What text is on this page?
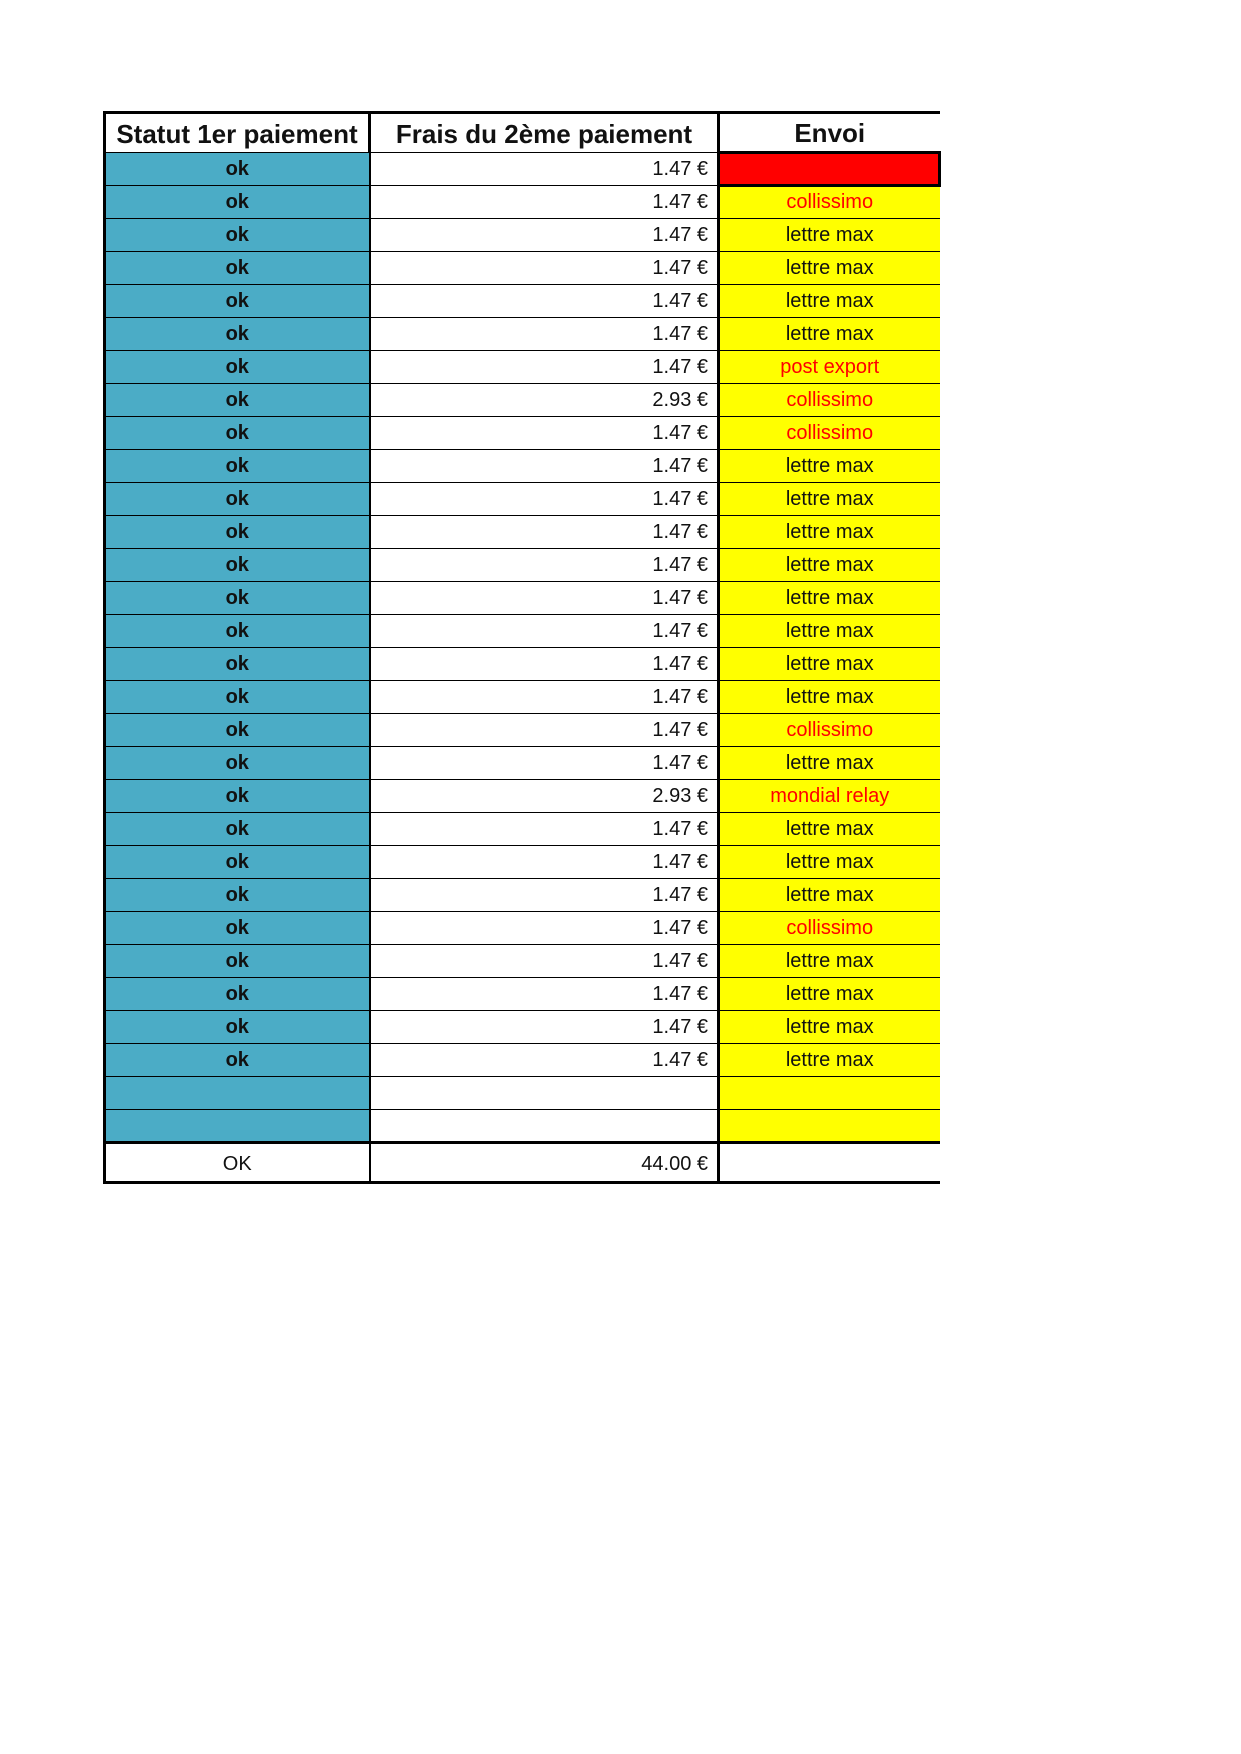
Statut 1er paiement	Frais du 2ème paiement	Envoi
ok	1.47 €	
ok	1.47 €	collissimo
ok	1.47 €	lettre max
ok	1.47 €	lettre max
ok	1.47 €	lettre max
ok	1.47 €	lettre max
ok	1.47 €	post export
ok	2.93 €	collissimo
ok	1.47 €	collissimo
ok	1.47 €	lettre max
ok	1.47 €	lettre max
ok	1.47 €	lettre max
ok	1.47 €	lettre max
ok	1.47 €	lettre max
ok	1.47 €	lettre max
ok	1.47 €	lettre max
ok	1.47 €	lettre max
ok	1.47 €	collissimo
ok	1.47 €	lettre max
ok	2.93 €	mondial relay
ok	1.47 €	lettre max
ok	1.47 €	lettre max
ok	1.47 €	lettre max
ok	1.47 €	collissimo
ok	1.47 €	lettre max
ok	1.47 €	lettre max
ok	1.47 €	lettre max
ok	1.47 €	lettre max

OK	44.00 €	
